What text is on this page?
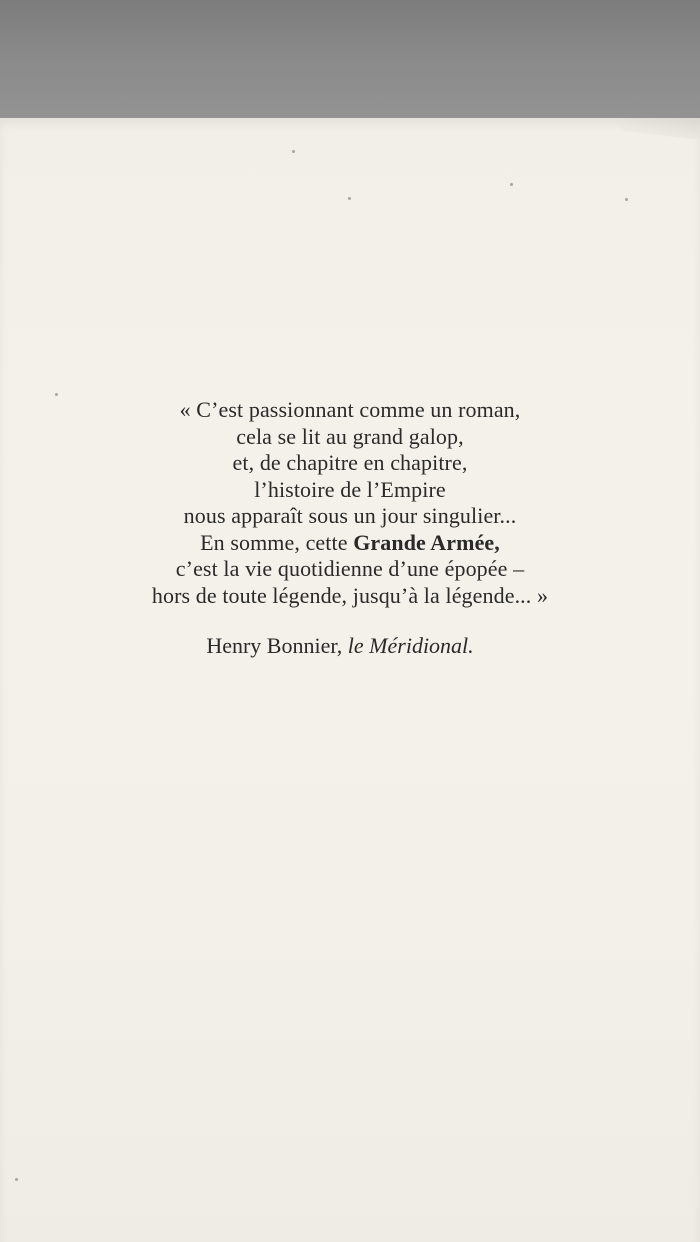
« C’est passionnant comme un roman,
cela se lit au grand galop,
et, de chapitre en chapitre,
l’histoire de l’Empire
nous apparaît sous un jour singulier...
En somme, cette Grande Armée,
c’est la vie quotidienne d’une épopée –
hors de toute légende, jusqu’à la légende... »
Henry Bonnier, le Méridional.
